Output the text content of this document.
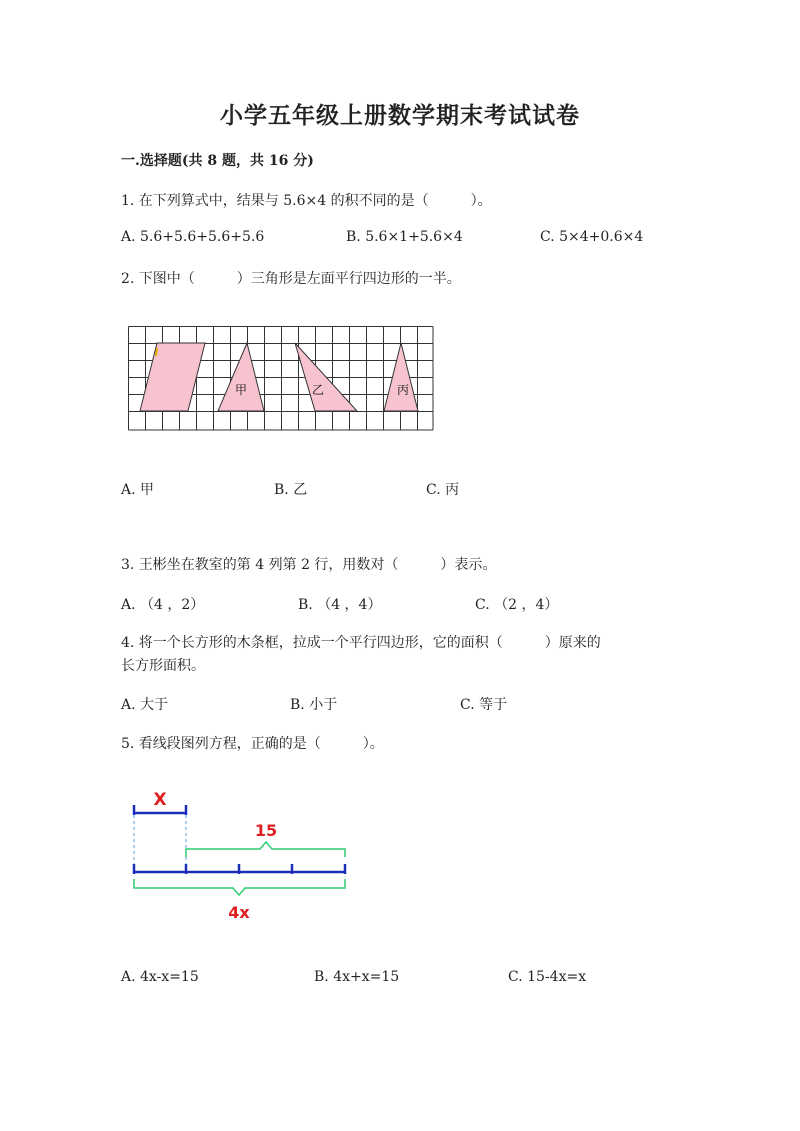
小学五年级上册数学期末考试试卷
一.选择题(共 8 题，共 16 分)
1. 在下列算式中，结果与 5.6×4 的积不同的是（　　　）。
A. 5.6+5.6+5.6+5.6	B. 5.6×1+5.6×4	C. 5×4+0.6×4
2. 下图中（　　　）三角形是左面平行四边形的一半。
甲	乙	丙
A. 甲	B. 乙	C. 丙
3. 王彬坐在教室的第 4 列第 2 行，用数对（　　　）表示。
A. （4 ，2）	B. （4 ，4）	C. （2 ，4）
4. 将一个长方形的木条框，拉成一个平行四边形，它的面积（　　　）原来的
长方形面积。
A. 大于	B. 小于	C. 等于
5. 看线段图列方程，正确的是（　　　）。
X
15
4x
A. 4x-x=15	B. 4x+x=15	C. 15-4x=x
